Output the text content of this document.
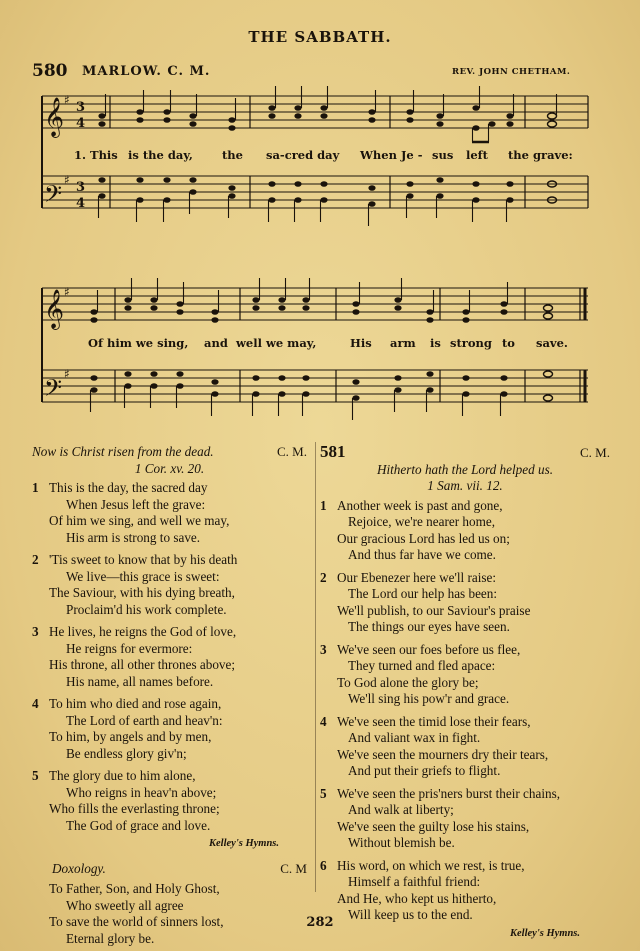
THE SABBATH.
580 MARLOW. C. M.	REV. JOHN CHETHAM.
𝄞
𝄢
𝄞
𝄢
♯
♯
♯
♯
3
4
3
4
1. This is the day,	the sa-cred day When Je - sus left the grave:
Of him we sing, and well we may,	His arm is strong to save.
Now is Christ risen from the dead.	C. M.
1 Cor. xv. 20.
1 This is the day, the sacred day
When Jesus left the grave:
Of him we sing, and well we may,
His arm is strong to save.
2 'Tis sweet to know that by his death
We live—this grace is sweet:
The Saviour, with his dying breath,
Proclaim'd his work complete.
3 He lives, he reigns the God of love,
He reigns for evermore:
His throne, all other thrones above;
His name, all names before.
4 To him who died and rose again,
The Lord of earth and heav'n:
To him, by angels and by men,
Be endless glory giv'n;
5 The glory due to him alone,
Who reigns in heav'n above;
Who fills the everlasting throne;
The God of grace and love.
Kelley's Hymns.
Doxology.	C. M
To Father, Son, and Holy Ghost,
Who sweetly all agree
To save the world of sinners lost,
Eternal glory be.
581	C. M.
Hitherto hath the Lord helped us.
1 Sam. vii. 12.
1 Another week is past and gone,
Rejoice, we're nearer home,
Our gracious Lord has led us on;
And thus far have we come.
2 Our Ebenezer here we'll raise:
The Lord our help has been:
We'll publish, to our Saviour's praise
The things our eyes have seen.
3 We've seen our foes before us flee,
They turned and fled apace:
To God alone the glory be;
We'll sing his pow'r and grace.
4 We've seen the timid lose their fears,
And valiant wax in fight.
We've seen the mourners dry their tears,
And put their griefs to flight.
5 We've seen the pris'ners burst their chains,
And walk at liberty;
We've seen the guilty lose his stains,
Without blemish be.
6 His word, on which we rest, is true,
Himself a faithful friend:
And He, who kept us hitherto,
Will keep us to the end.
Kelley's Hymns.
282
